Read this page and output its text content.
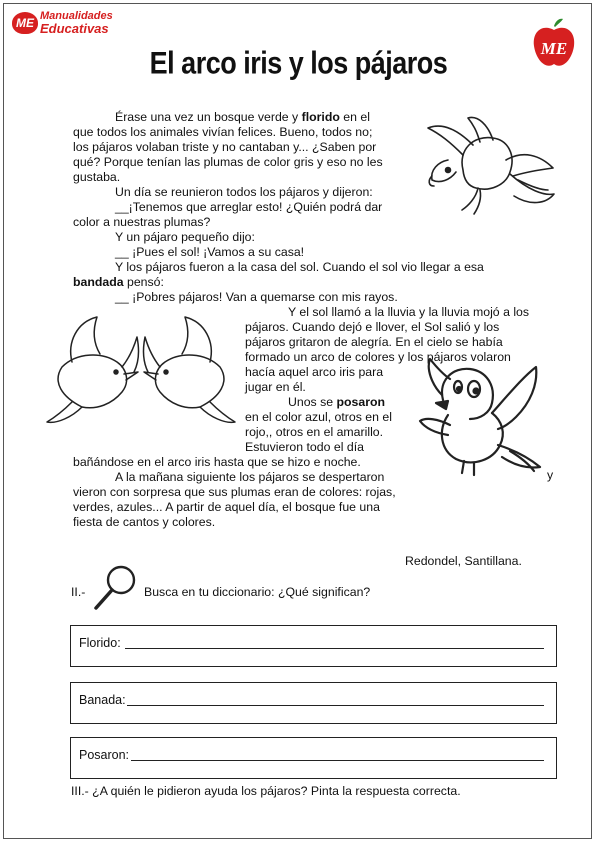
ME Manualidades
Educativas
ME
El arco iris y los pájaros
Érase una vez un bosque verde y florido en el
que todos los animales vivían felices. Bueno, todos no;
los pájaros volaban triste y no cantaban y... ¿Saben por
qué? Porque tenían las plumas de color gris y eso no les
gustaba.
Un día se reunieron todos los pájaros y dijeron:
__¡Tenemos que arreglar esto! ¿Quién podrá dar
color a nuestras plumas?
Y un pájaro pequeño dijo:
__ ¡Pues el sol! ¡Vamos a su casa!
Y los pájaros fueron a la casa del sol. Cuando el sol vio llegar a esa
bandada pensó:
__ ¡Pobres pájaros! Van a quemarse con mis rayos.
Y el sol llamó a la lluvia y la lluvia mojó a los
pájaros. Cuando dejó e llover, el Sol salió y los
pájaros gritaron de alegría. En el cielo se había
formado un arco de colores y los pájaros volaron
hacía aquel arco iris para
jugar en él.
Unos se posaron
en el color azul, otros en el
rojo,, otros en el amarillo.
Estuvieron todo el día
bañándose en el arco iris hasta que se hizo e noche.
y
A la mañana siguiente los pájaros se despertaron
vieron con sorpresa que sus plumas eran de colores: rojas,
verdes, azules... A partir de aquel día, el bosque fue una
fiesta de cantos y colores.
Redondel, Santillana.
II.-	Busca en tu diccionario: ¿Qué significan?
Florido:
Banada:
Posaron:
III.- ¿A quién le pidieron ayuda los pájaros? Pinta la respuesta correcta.
